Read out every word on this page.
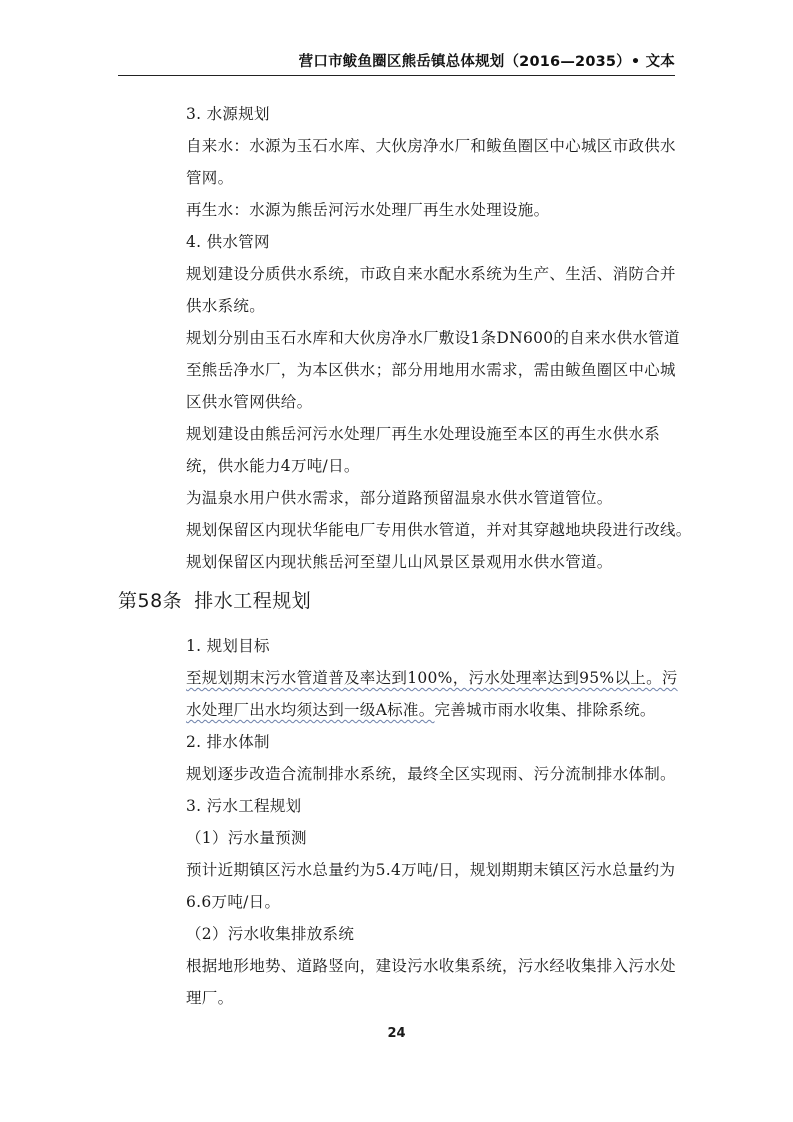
营口市鲅鱼圈区熊岳镇总体规划（2016—2035）• 文本
3. 水源规划
自来水：水源为玉石水库、大伙房净水厂和鲅鱼圈区中心城区市政供水
管网。
再生水：水源为熊岳河污水处理厂再生水处理设施。
4. 供水管网
规划建设分质供水系统，市政自来水配水系统为生产、生活、消防合并
供水系统。
规划分别由玉石水库和大伙房净水厂敷设1条DN600的自来水供水管道
至熊岳净水厂，为本区供水；部分用地用水需求，需由鲅鱼圈区中心城
区供水管网供给。
规划建设由熊岳河污水处理厂再生水处理设施至本区的再生水供水系
统，供水能力4万吨/日。
为温泉水用户供水需求，部分道路预留温泉水供水管道管位。
规划保留区内现状华能电厂专用供水管道，并对其穿越地块段进行改线。
规划保留区内现状熊岳河至望儿山风景区景观用水供水管道。
第58条 排水工程规划
1. 规划目标
至规划期末污水管道普及率达到100%，污水处理率达到95%以上。污
水处理厂出水均须达到一级A标准。完善城市雨水收集、排除系统。
2. 排水体制
规划逐步改造合流制排水系统，最终全区实现雨、污分流制排水体制。
3. 污水工程规划
（1）污水量预测
预计近期镇区污水总量约为5.4万吨/日，规划期期末镇区污水总量约为
6.6万吨/日。
（2）污水收集排放系统
根据地形地势、道路竖向，建设污水收集系统，污水经收集排入污水处
理厂。
24
